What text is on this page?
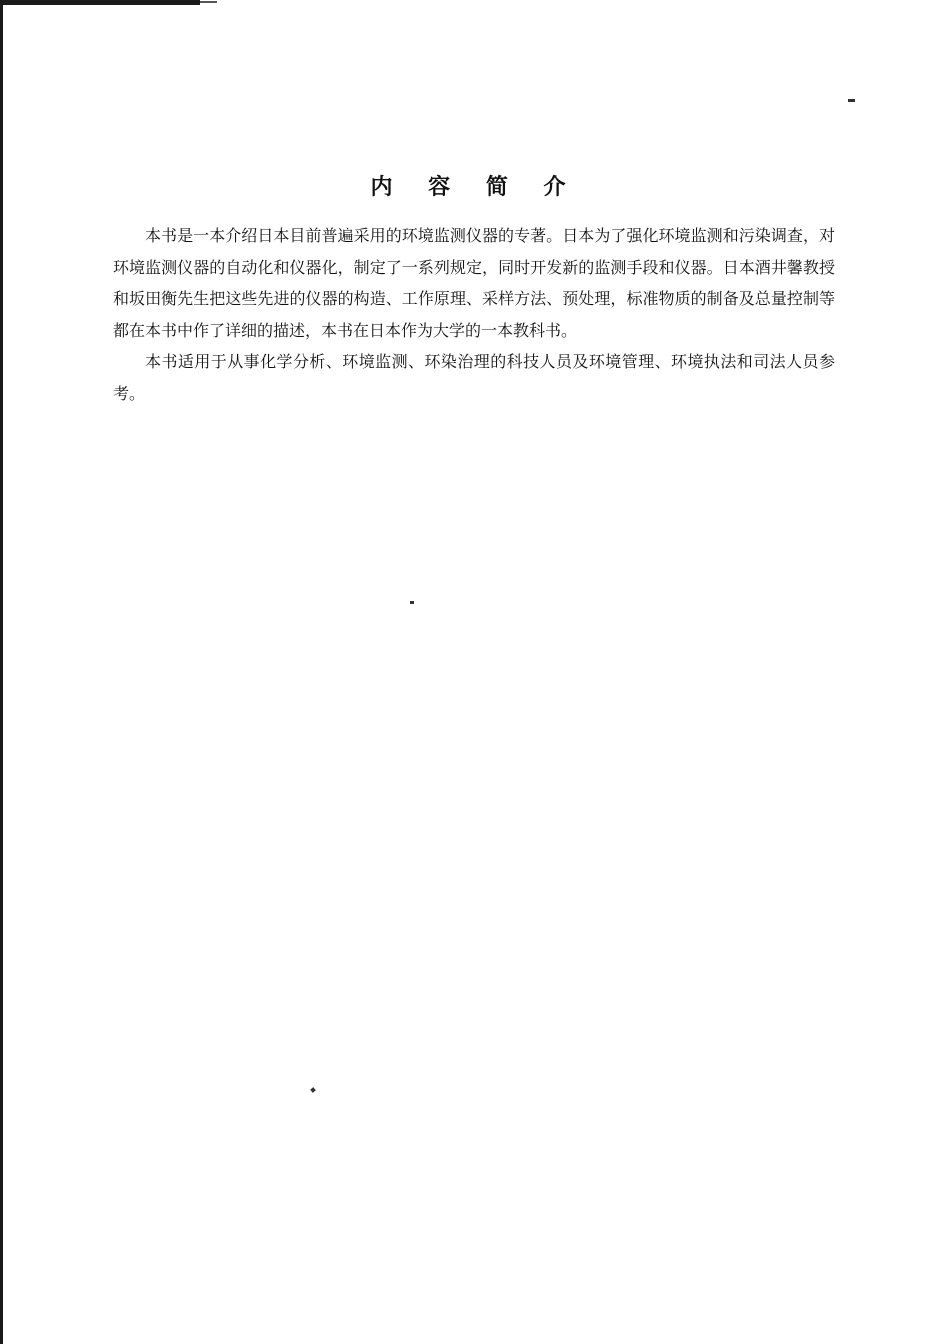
内 容 简 介

本书是一本介绍日本目前普遍采用的环境监测仪器的专著。日本为了强化环境监测和污染调查，对环境监测仪器的自动化和仪器化，制定了一系列规定，同时开发新的监测手段和仪器。日本酒井馨教授和坂田衡先生把这些先进的仪器的构造、工作原理、采样方法、预处理，标准物质的制备及总量控制等都在本书中作了详细的描述，本书在日本作为大学的一本教科书。

本书适用于从事化学分析、环境监测、环染治理的科技人员及环境管理、环境执法和司法人员参考。
